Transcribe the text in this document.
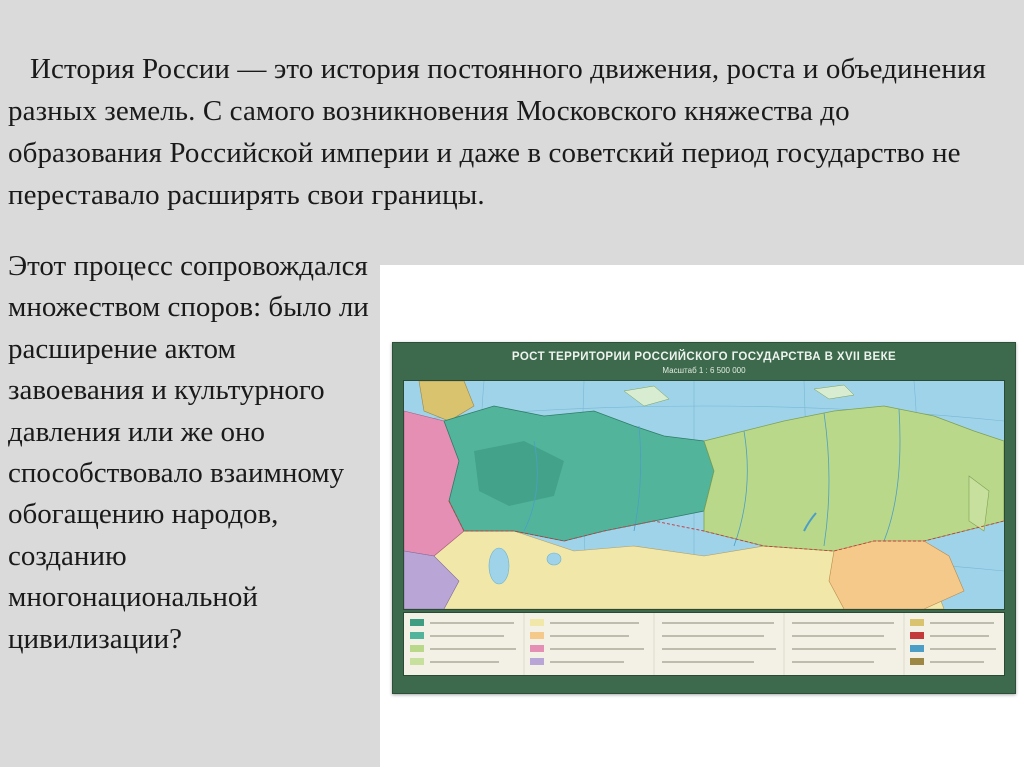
История России — это история постоянного движения, роста и объединения разных земель. С самого возникновения Московского княжества до образования Российской империи и даже в советский период государство не переставало расширять свои границы.
Этот процесс сопровождался множеством споров: было ли расширение актом завоевания и культурного давления или же оно способствовало взаимному обогащению народов, созданию многонациональной цивилизации?
РОСТ ТЕРРИТОРИИ РОССИЙСКОГО ГОСУДАРСТВА В XVII ВЕКЕ
Масштаб 1 : 6 500 000
